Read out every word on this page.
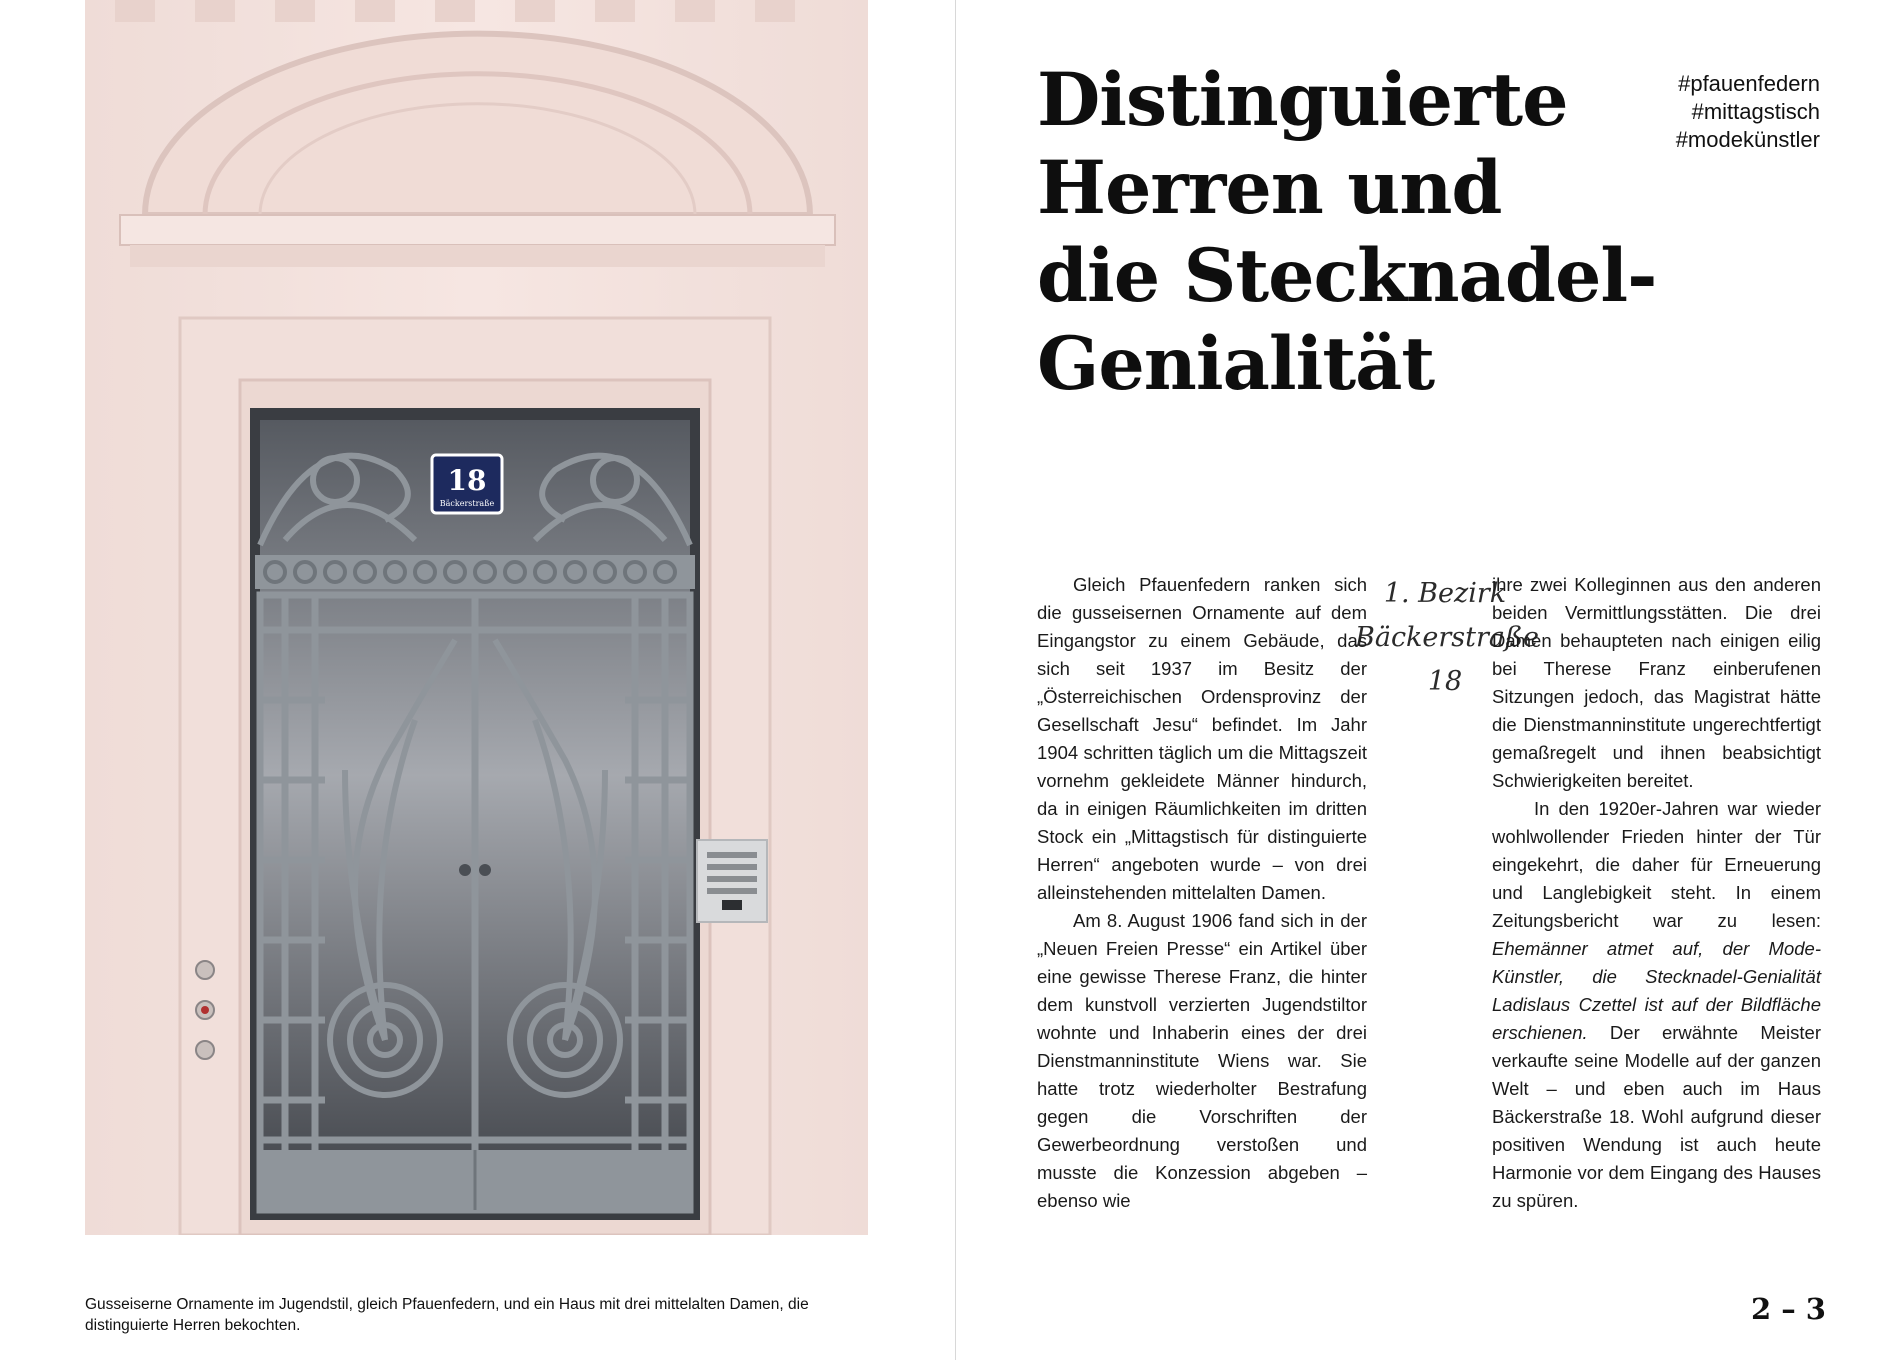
18
Bäckerstraße

Gusseiserne Ornamente im Jugendstil, gleich Pfauenfedern, und ein Haus mit drei mittelalten Damen, die distinguierte Herren bekochten.

Distinguierte
Herren und
die Stecknadel-
Genialität
#pfauenfedern
#mittagstisch
#modekünstler
1. Bezirk
Bäckerstraße
18

Gleich Pfauenfedern ranken sich die gusseisernen Ornamente auf dem Eingangstor zu einem Gebäude, das sich seit 1937 im Besitz der „Österreichischen Ordensprovinz der Gesellschaft Jesu“ befindet. Im Jahr 1904 schritten täglich um die Mittagszeit vornehm gekleidete Männer hindurch, da in einigen Räumlichkeiten im dritten Stock ein „Mittagstisch für distinguierte Herren“ angeboten wurde – von drei alleinstehenden mittelalten Damen.

Am 8. August 1906 fand sich in der „Neuen Freien Presse“ ein Artikel über eine gewisse Therese Franz, die hinter dem kunstvoll verzierten Jugendstiltor wohnte und Inhaberin eines der drei Dienstmanninstitute Wiens war. Sie hatte trotz wiederholter Bestrafung gegen die Vorschriften der Gewerbeordnung verstoßen und musste die Konzession abgeben – ebenso wie

ihre zwei Kolleginnen aus den anderen beiden Vermittlungsstätten. Die drei Damen behaupteten nach einigen eilig bei Therese Franz einberufenen Sitzungen jedoch, das Magistrat hätte die Dienstmanninstitute ungerechtfertigt gemaßregelt und ihnen beabsichtigt Schwierigkeiten bereitet.

In den 1920er-Jahren war wieder wohlwollender Frieden hinter der Tür eingekehrt, die daher für Erneuerung und Langlebigkeit steht. In einem Zeitungsbericht war zu lesen: Ehemänner atmet auf, der Mode-Künstler, die Stecknadel-Genialität Ladislaus Czettel ist auf der Bildfläche erschienen. Der erwähnte Meister verkaufte seine Modelle auf der ganzen Welt – und eben auch im Haus Bäckerstraße 18. Wohl aufgrund dieser positiven Wendung ist auch heute Harmonie vor dem Eingang des Hauses zu spüren.

2 – 3
